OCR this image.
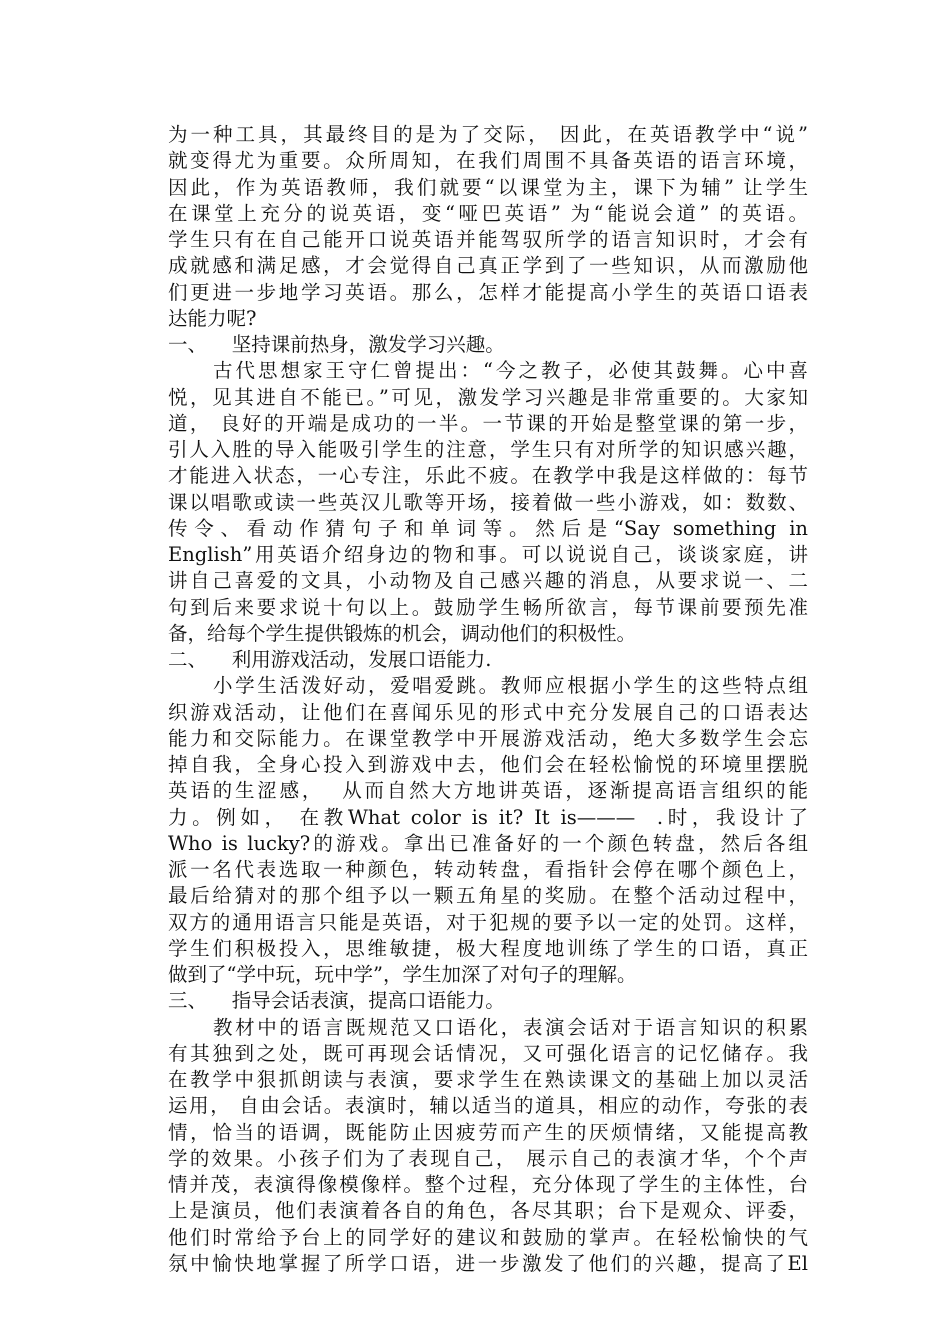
为一种工具，其最终目的是为了交际， 因此，在英语教学中“说”
就变得尤为重要。众所周知，在我们周围不具备英语的语言环境，
因此，作为英语教师，我们就要“以课堂为主，课下为辅” 让学生
在课堂上充分的说英语，变“哑巴英语” 为“能说会道” 的英语。
学生只有在自己能开口说英语并能驾驭所学的语言知识时，才会有
成就感和满足感，才会觉得自己真正学到了一些知识，从而激励他
们更进一步地学习英语。那么，怎样才能提高小学生的英语口语表
达能力呢?
一、    坚持课前热身，激发学习兴趣。
古代思想家王守仁曾提出：“今之教子，必使其鼓舞。心中喜
悦，见其进自不能已。”可见，激发学习兴趣是非常重要的。大家知
道， 良好的开端是成功的一半。一节课的开始是整堂课的第一步，
引人入胜的导入能吸引学生的注意，学生只有对所学的知识感兴趣，
才能进入状态，一心专注，乐此不疲。在教学中我是这样做的：每节
课以唱歌或读一些英汉儿歌等开场，接着做一些小游戏，如：数数、
传令、看动作猜句子和单词等。然后是“Say something in
English”用英语介绍身边的物和事。可以说说自己，谈谈家庭，讲
讲自己喜爱的文具，小动物及自己感兴趣的消息，从要求说一、二
句到后来要求说十句以上。鼓励学生畅所欲言，每节课前要预先准
备，给每个学生提供锻炼的机会，调动他们的积极性。
二、    利用游戏活动，发展口语能力.
小学生活泼好动，爱唱爱跳。教师应根据小学生的这些特点组
织游戏活动，让他们在喜闻乐见的形式中充分发展自己的口语表达
能力和交际能力。在课堂教学中开展游戏活动，绝大多数学生会忘
掉自我，全身心投入到游戏中去，他们会在轻松愉悦的环境里摆脱
英语的生涩感，  从而自然大方地讲英语，逐渐提高语言组织的能
力。例如， 在教What color is it? It is———  .时，我设计了
Who is lucky?的游戏。拿出已准备好的一个颜色转盘，然后各组
派一名代表选取一种颜色，转动转盘，看指针会停在哪个颜色上，
最后给猜对的那个组予以一颗五角星的奖励。在整个活动过程中，
双方的通用语言只能是英语，对于犯规的要予以一定的处罚。这样，
学生们积极投入，思维敏捷，极大程度地训练了学生的口语，真正
做到了“学中玩，玩中学”，学生加深了对句子的理解。
三、    指导会话表演，提高口语能力。
教材中的语言既规范又口语化，表演会话对于语言知识的积累
有其独到之处，既可再现会话情况，又可强化语言的记忆储存。我
在教学中狠抓朗读与表演，要求学生在熟读课文的基础上加以灵活
运用， 自由会话。表演时，辅以适当的道具，相应的动作，夸张的表
情，恰当的语调，既能防止因疲劳而产生的厌烦情绪，又能提高教
学的效果。小孩子们为了表现自己， 展示自己的表演才华，个个声
情并茂，表演得像模像样。整个过程，充分体现了学生的主体性，台
上是演员，他们表演着各自的角色，各尽其职；台下是观众、评委，
他们时常给予台上的同学好的建议和鼓励的掌声。在轻松愉快的气
氛中愉快地掌握了所学口语，进一步激发了他们的兴趣，提高了El
